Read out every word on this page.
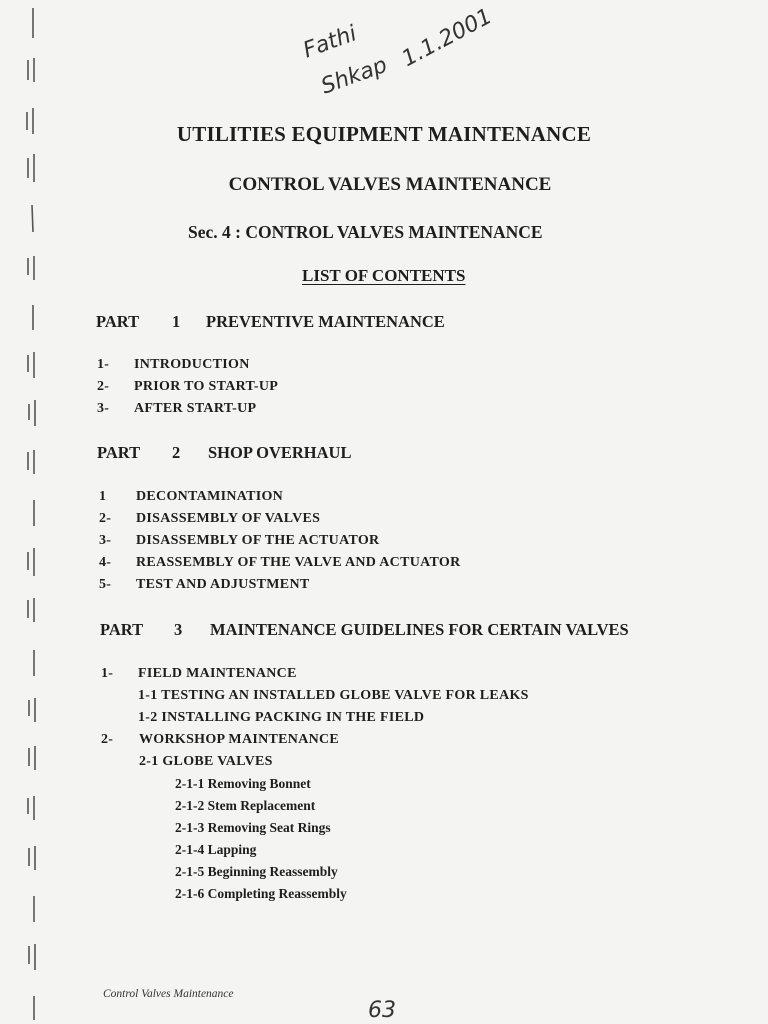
Fathi
Shkap
1.1.2001
UTILITIES EQUIPMENT MAINTENANCE
CONTROL VALVES MAINTENANCE
Sec. 4 : CONTROL VALVES MAINTENANCE
LIST OF CONTENTS
PART 1 PREVENTIVE MAINTENANCE
1- INTRODUCTION
2- PRIOR TO START-UP
3- AFTER START-UP
PART 2 SHOP OVERHAUL
1 DECONTAMINATION
2- DISASSEMBLY OF VALVES
3- DISASSEMBLY OF THE ACTUATOR
4- REASSEMBLY OF THE VALVE AND ACTUATOR
5- TEST AND ADJUSTMENT
PART 3 MAINTENANCE GUIDELINES FOR CERTAIN VALVES
1- FIELD MAINTENANCE
1-1 TESTING AN INSTALLED GLOBE VALVE FOR LEAKS
1-2 INSTALLING PACKING IN THE FIELD
2- WORKSHOP MAINTENANCE
2-1 GLOBE VALVES
2-1-1 Removing Bonnet
2-1-2 Stem Replacement
2-1-3 Removing Seat Rings
2-1-4 Lapping
2-1-5 Beginning Reassembly
2-1-6 Completing Reassembly
Control Valves Maintenance
63
